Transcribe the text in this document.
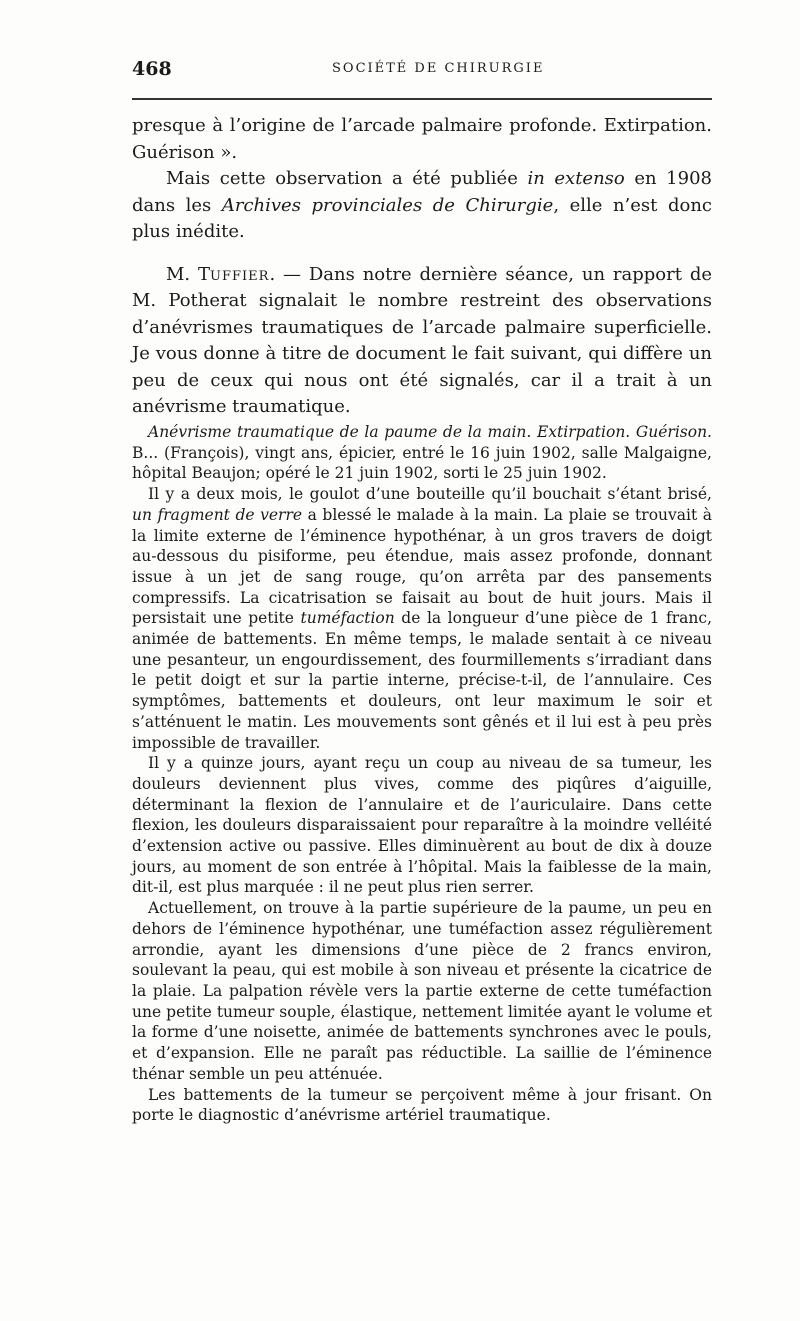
468	SOCIÉTÉ DE CHIRURGIE

presque à l’origine de l’arcade palmaire profonde. Extirpation. Guérison ».

Mais cette observation a été publiée in extenso en 1908 dans les Archives provinciales de Chirurgie, elle n’est donc plus inédite.

M. Tuffier. — Dans notre dernière séance, un rapport de M. Potherat signalait le nombre restreint des observations d’anévrismes traumatiques de l’arcade palmaire superficielle. Je vous donne à titre de document le fait suivant, qui diffère un peu de ceux qui nous ont été signalés, car il a trait à un anévrisme traumatique.

Anévrisme traumatique de la paume de la main. Extirpation. Guérison. B... (François), vingt ans, épicier, entré le 16 juin 1902, salle Malgaigne, hôpital Beaujon; opéré le 21 juin 1902, sorti le 25 juin 1902.

Il y a deux mois, le goulot d’une bouteille qu’il bouchait s’étant brisé, un fragment de verre a blessé le malade à la main. La plaie se trouvait à la limite externe de l’éminence hypothénar, à un gros travers de doigt au-dessous du pisiforme, peu étendue, mais assez profonde, donnant issue à un jet de sang rouge, qu’on arrêta par des pansements compressifs. La cicatrisation se faisait au bout de huit jours. Mais il persistait une petite tuméfaction de la longueur d’une pièce de 1 franc, animée de battements. En même temps, le malade sentait à ce niveau une pesanteur, un engourdissement, des fourmillements s’irradiant dans le petit doigt et sur la partie interne, précise-t-il, de l’annulaire. Ces symptômes, battements et douleurs, ont leur maximum le soir et s’atténuent le matin. Les mouvements sont gênés et il lui est à peu près impossible de travailler.

Il y a quinze jours, ayant reçu un coup au niveau de sa tumeur, les douleurs deviennent plus vives, comme des piqûres d’aiguille, déterminant la flexion de l’annulaire et de l’auriculaire. Dans cette flexion, les douleurs disparaissaient pour reparaître à la moindre velléité d’extension active ou passive. Elles diminuèrent au bout de dix à douze jours, au moment de son entrée à l’hôpital. Mais la faiblesse de la main, dit-il, est plus marquée : il ne peut plus rien serrer.

Actuellement, on trouve à la partie supérieure de la paume, un peu en dehors de l’éminence hypothénar, une tuméfaction assez régulièrement arrondie, ayant les dimensions d’une pièce de 2 francs environ, soulevant la peau, qui est mobile à son niveau et présente la cicatrice de la plaie. La palpation révèle vers la partie externe de cette tuméfaction une petite tumeur souple, élastique, nettement limitée ayant le volume et la forme d’une noisette, animée de battements synchrones avec le pouls, et d’expansion. Elle ne paraît pas réductible. La saillie de l’éminence thénar semble un peu atténuée.

Les battements de la tumeur se perçoivent même à jour frisant. On porte le diagnostic d’anévrisme artériel traumatique.
